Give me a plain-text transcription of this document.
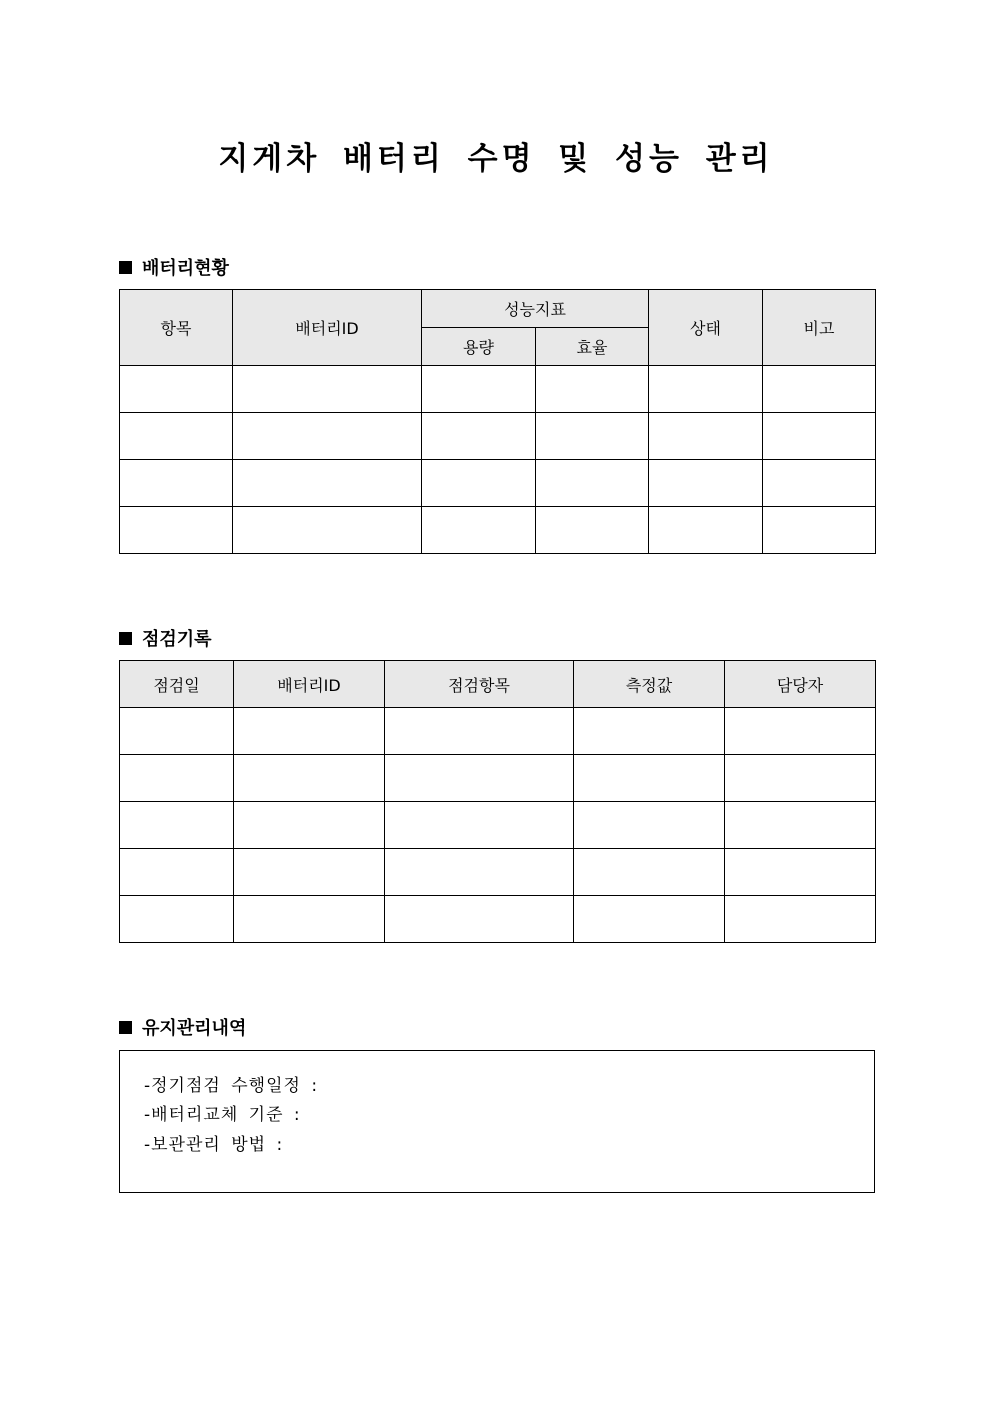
지게차 배터리 수명 및 성능 관리
배터리현황
항목	배터리ID	성능지표		상태	비고
		용량	효율		

점검기록
점검일	배터리ID	점검항목	측정값	담당자

유지관리내역
-정기점검 수행일정 :
-배터리교체 기준 :
-보관관리 방법 :
